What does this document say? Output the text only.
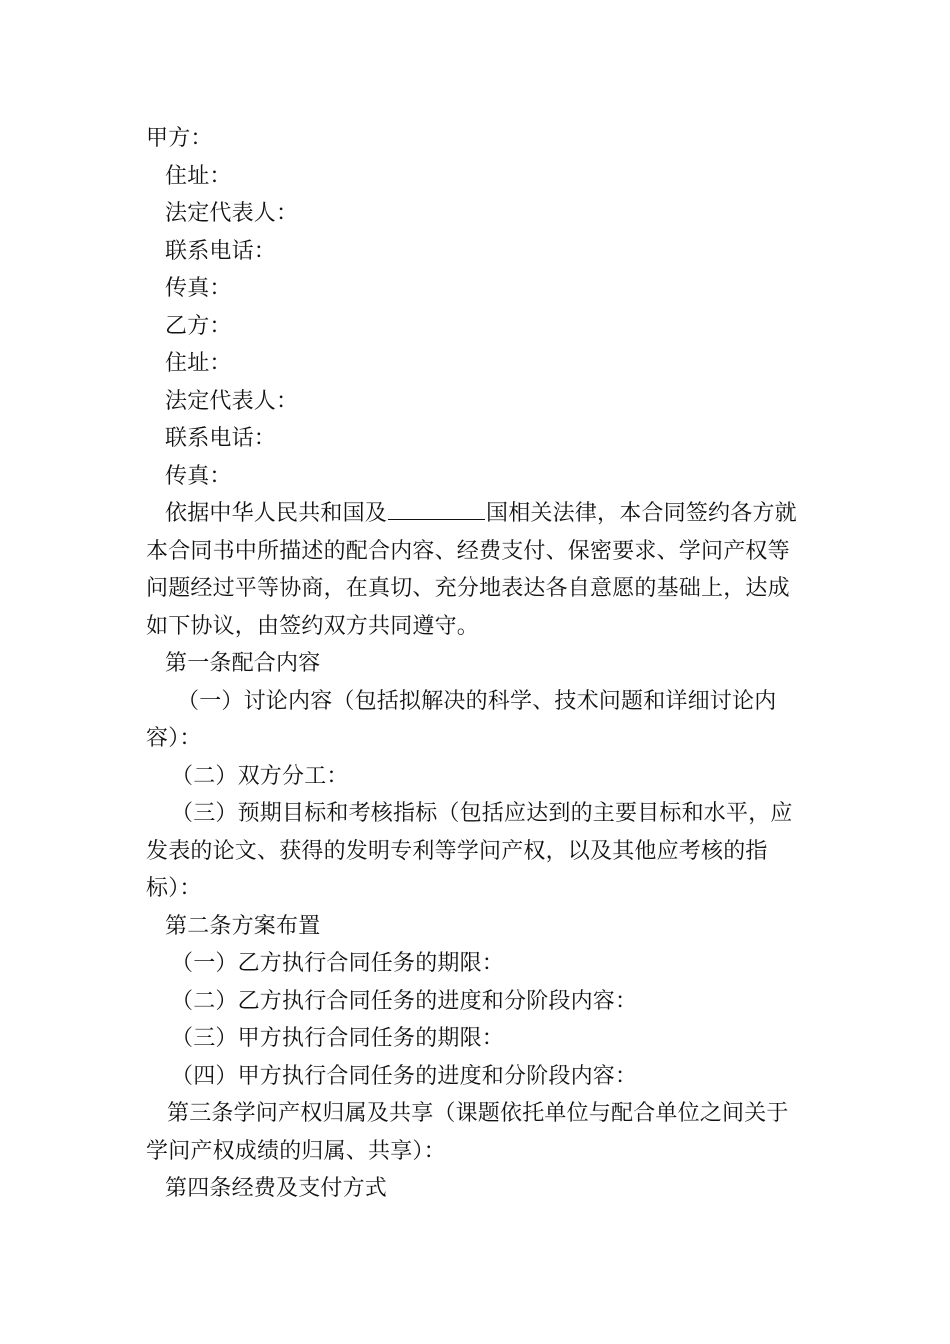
甲方：
住址：
法定代表人：
联系电话：
传真：
乙方：
住址：
法定代表人：
联系电话：
传真：
依据中华人民共和国及	国相关法律，本合同签约各方就
本合同书中所描述的配合内容、经费支付、保密要求、学问产权等
问题经过平等协商，在真切、充分地表达各自意愿的基础上，达成
如下协议，由签约双方共同遵守。
第一条配合内容
（一）讨论内容（包括拟解决的科学、技术问题和详细讨论内
容）：
（二）双方分工：
（三）预期目标和考核指标（包括应达到的主要目标和水平，应
发表的论文、获得的发明专利等学问产权，以及其他应考核的指
标）：
第二条方案布置
（一）乙方执行合同任务的期限：
（二）乙方执行合同任务的进度和分阶段内容：
（三）甲方执行合同任务的期限：
（四）甲方执行合同任务的进度和分阶段内容：
第三条学问产权归属及共享（课题依托单位与配合单位之间关于
学问产权成绩的归属、共享）：
第四条经费及支付方式
